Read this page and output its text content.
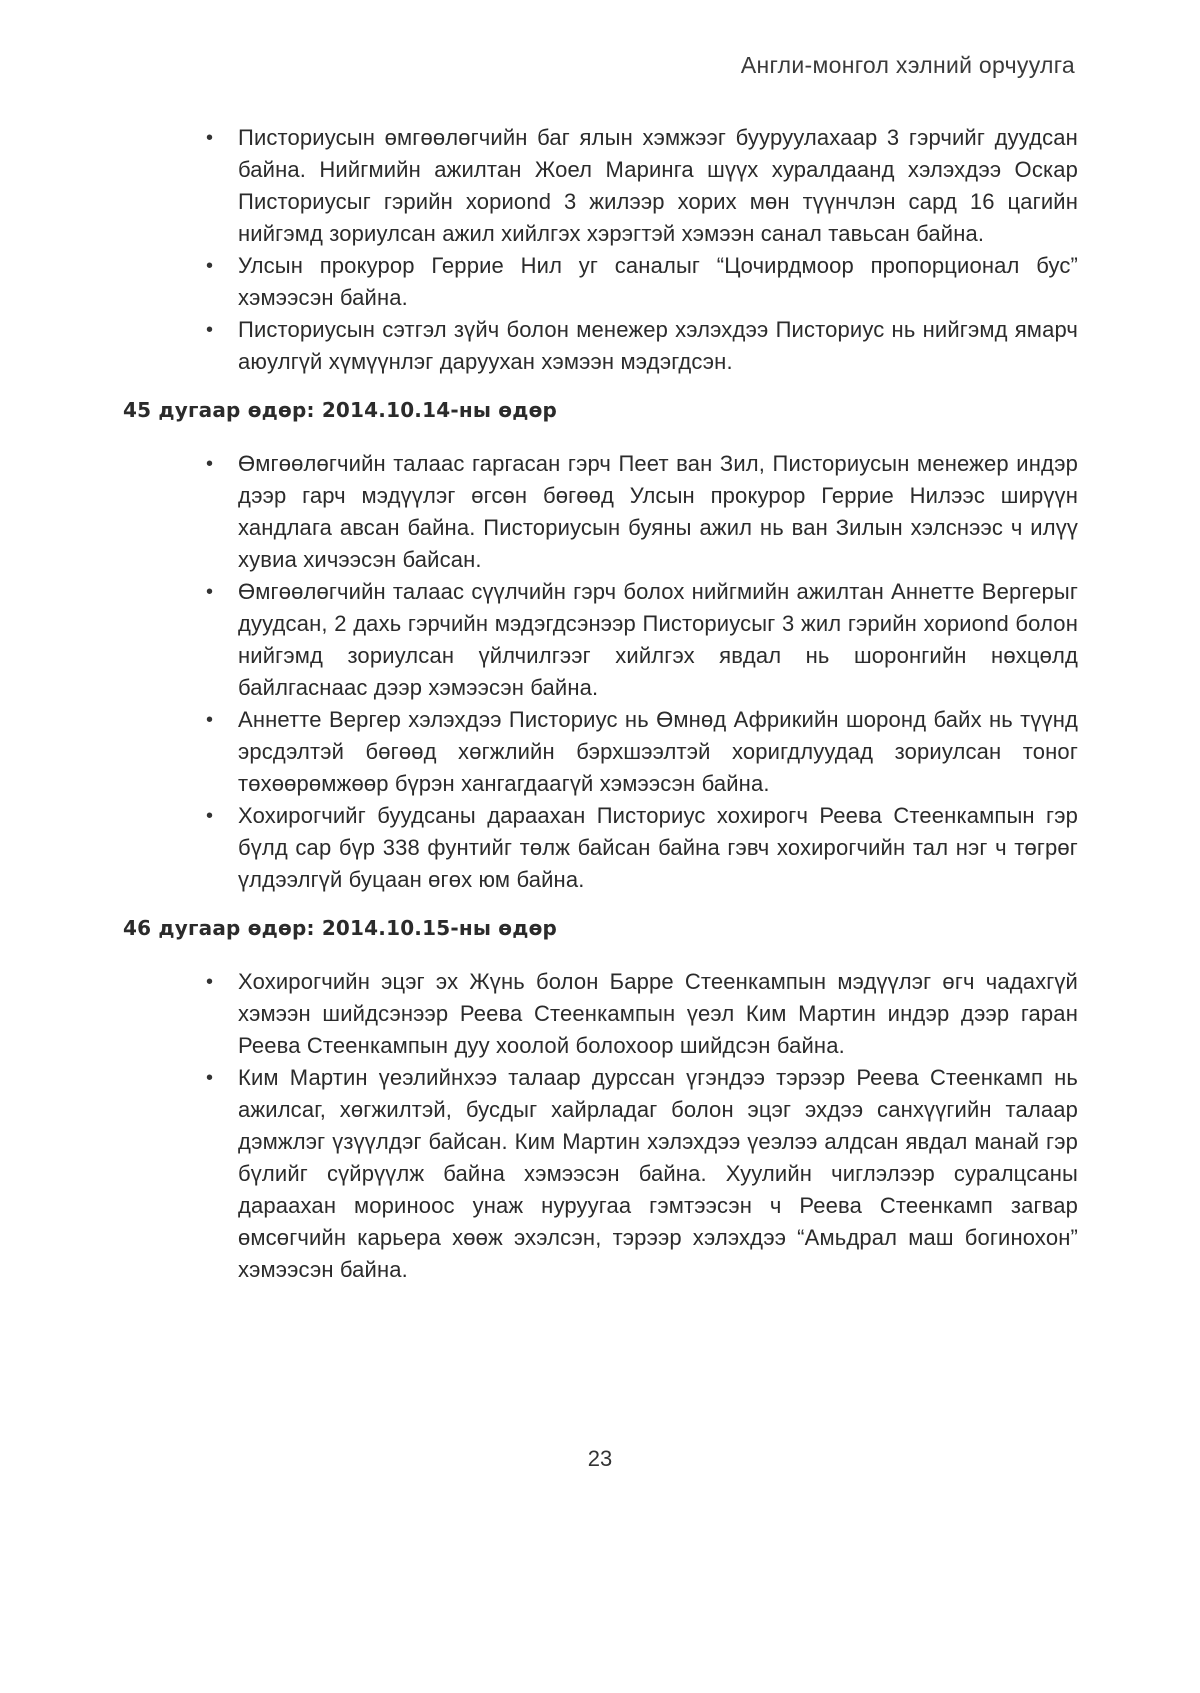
Англи-монгол хэлний орчуулга
• Писториусын өмгөөлөгчийн баг ялын хэмжээг бууруулахаар 3 гэрчийг дуудсан байна. Нийгмийн ажилтан Жоел Маринга шүүх хуралдаанд хэлэхдээ Оскар Писториусыг гэрийн хориond 3 жилээр хорих мөн түүнчлэн сард 16 цагийн нийгэмд зориулсан ажил хийлгэх хэрэгтэй хэмээн санал тавьсан байна.
• Улсын прокурор Геррие Нил уг саналыг “Цочирдмоор пропорционал бус” хэмээсэн байна.
• Писториусын сэтгэл зүйч болон менежер хэлэхдээ Писториус нь нийгэмд ямарч аюулгүй хүмүүнлэг даруухан хэмээн мэдэгдсэн.
45 дугаар өдөр: 2014.10.14-ны өдөр
• Өмгөөлөгчийн талаас гаргасан гэрч Пеет ван Зил, Писториусын менежер индэр дээр гарч мэдүүлэг өгсөн бөгөөд Улсын прокурор Геррие Нилээс ширүүн хандлага авсан байна. Писториусын буяны ажил нь ван Зилын хэлснээс ч илүү хувиа хичээсэн байсан.
• Өмгөөлөгчийн талаас сүүлчийн гэрч болох нийгмийн ажилтан Аннетте Вергерыг дуудсан, 2 дахь гэрчийн мэдэгдсэнээр Писториусыг 3 жил гэрийн хориond болон нийгэмд зориулсан үйлчилгээг хийлгэх явдал нь шоронгийн нөхцөлд байлгаснаас дээр хэмээсэн байна.
• Аннетте Вергер хэлэхдээ Писториус нь Өмнөд Африкийн шоронд байх нь түүнд эрсдэлтэй бөгөөд хөгжлийн бэрхшээлтэй хоригдлуудад зориулсан тоног төхөөрөмжөөр бүрэн хангагдаагүй хэмээсэн байна.
• Хохирогчийг буудсаны дараахан Писториус хохирогч Реева Стеенкампын гэр бүлд сар бүр 338 фунтийг төлж байсан байна гэвч хохирогчийн тал нэг ч төгрөг үлдээлгүй буцаан өгөх юм байна.
46 дугаар өдөр: 2014.10.15-ны өдөр
• Хохирогчийн эцэг эх Жүнь болон Барре Стеенкампын мэдүүлэг өгч чадахгүй хэмээн шийдсэнээр Реева Стеенкампын үеэл Ким Мартин индэр дээр гаран Реева Стеенкампын дуу хоолой болохоор шийдсэн байна.
• Ким Мартин үеэлийнхээ талаар дурссан үгэндээ тэрээр Реева Стеенкамп нь ажилсаг, хөгжилтэй, бусдыг хайрладаг болон эцэг эхдээ санхүүгийн талаар дэмжлэг үзүүлдэг байсан. Ким Мартин хэлэхдээ үеэлээ алдсан явдал манай гэр бүлийг сүйрүүлж байна хэмээсэн байна. Хуулийн чиглэлээр суралцсаны дараахан мориноос унаж нуруугаа гэмтээсэн ч Реева Стеенкамп загвар өмсөгчийн карьера хөөж эхэлсэн, тэрээр хэлэхдээ “Амьдрал маш богинохон” хэмээсэн байна.
23
